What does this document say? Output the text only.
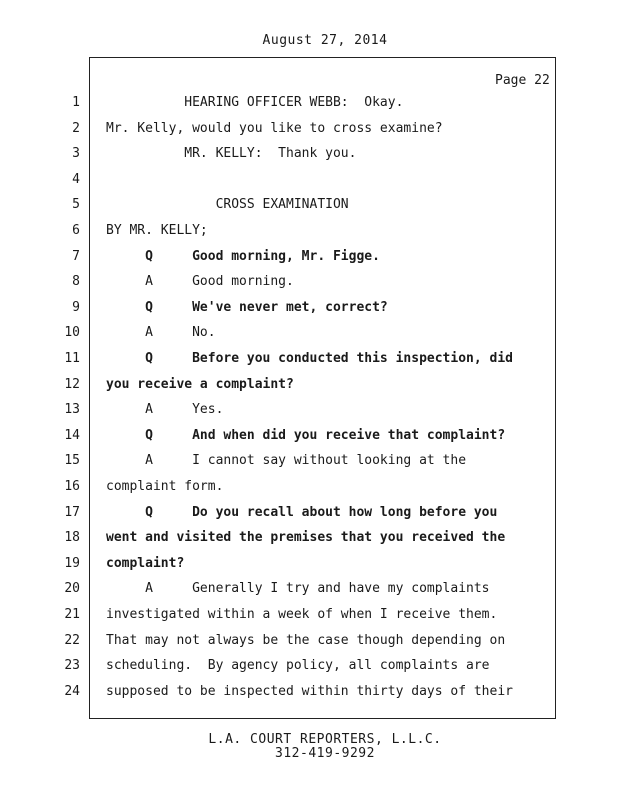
August 27, 2014
Page 22
1 HEARING OFFICER WEBB:  Okay.
2 Mr. Kelly, would you like to cross examine?
3 MR. KELLY:  Thank you.
4
5 CROSS EXAMINATION
6 BY MR. KELLY;
7 Q     Good morning, Mr. Figge.
8 A     Good morning.
9 Q     We've never met, correct?
10 A     No.
11 Q     Before you conducted this inspection, did
12 you receive a complaint?
13 A     Yes.
14 Q     And when did you receive that complaint?
15 A     I cannot say without looking at the
16 complaint form.
17 Q     Do you recall about how long before you
18 went and visited the premises that you received the
19 complaint?
20 A     Generally I try and have my complaints
21 investigated within a week of when I receive them.
22 That may not always be the case though depending on
23 scheduling.  By agency policy, all complaints are
24 supposed to be inspected within thirty days of their
L.A. COURT REPORTERS, L.L.C.
312-419-9292
